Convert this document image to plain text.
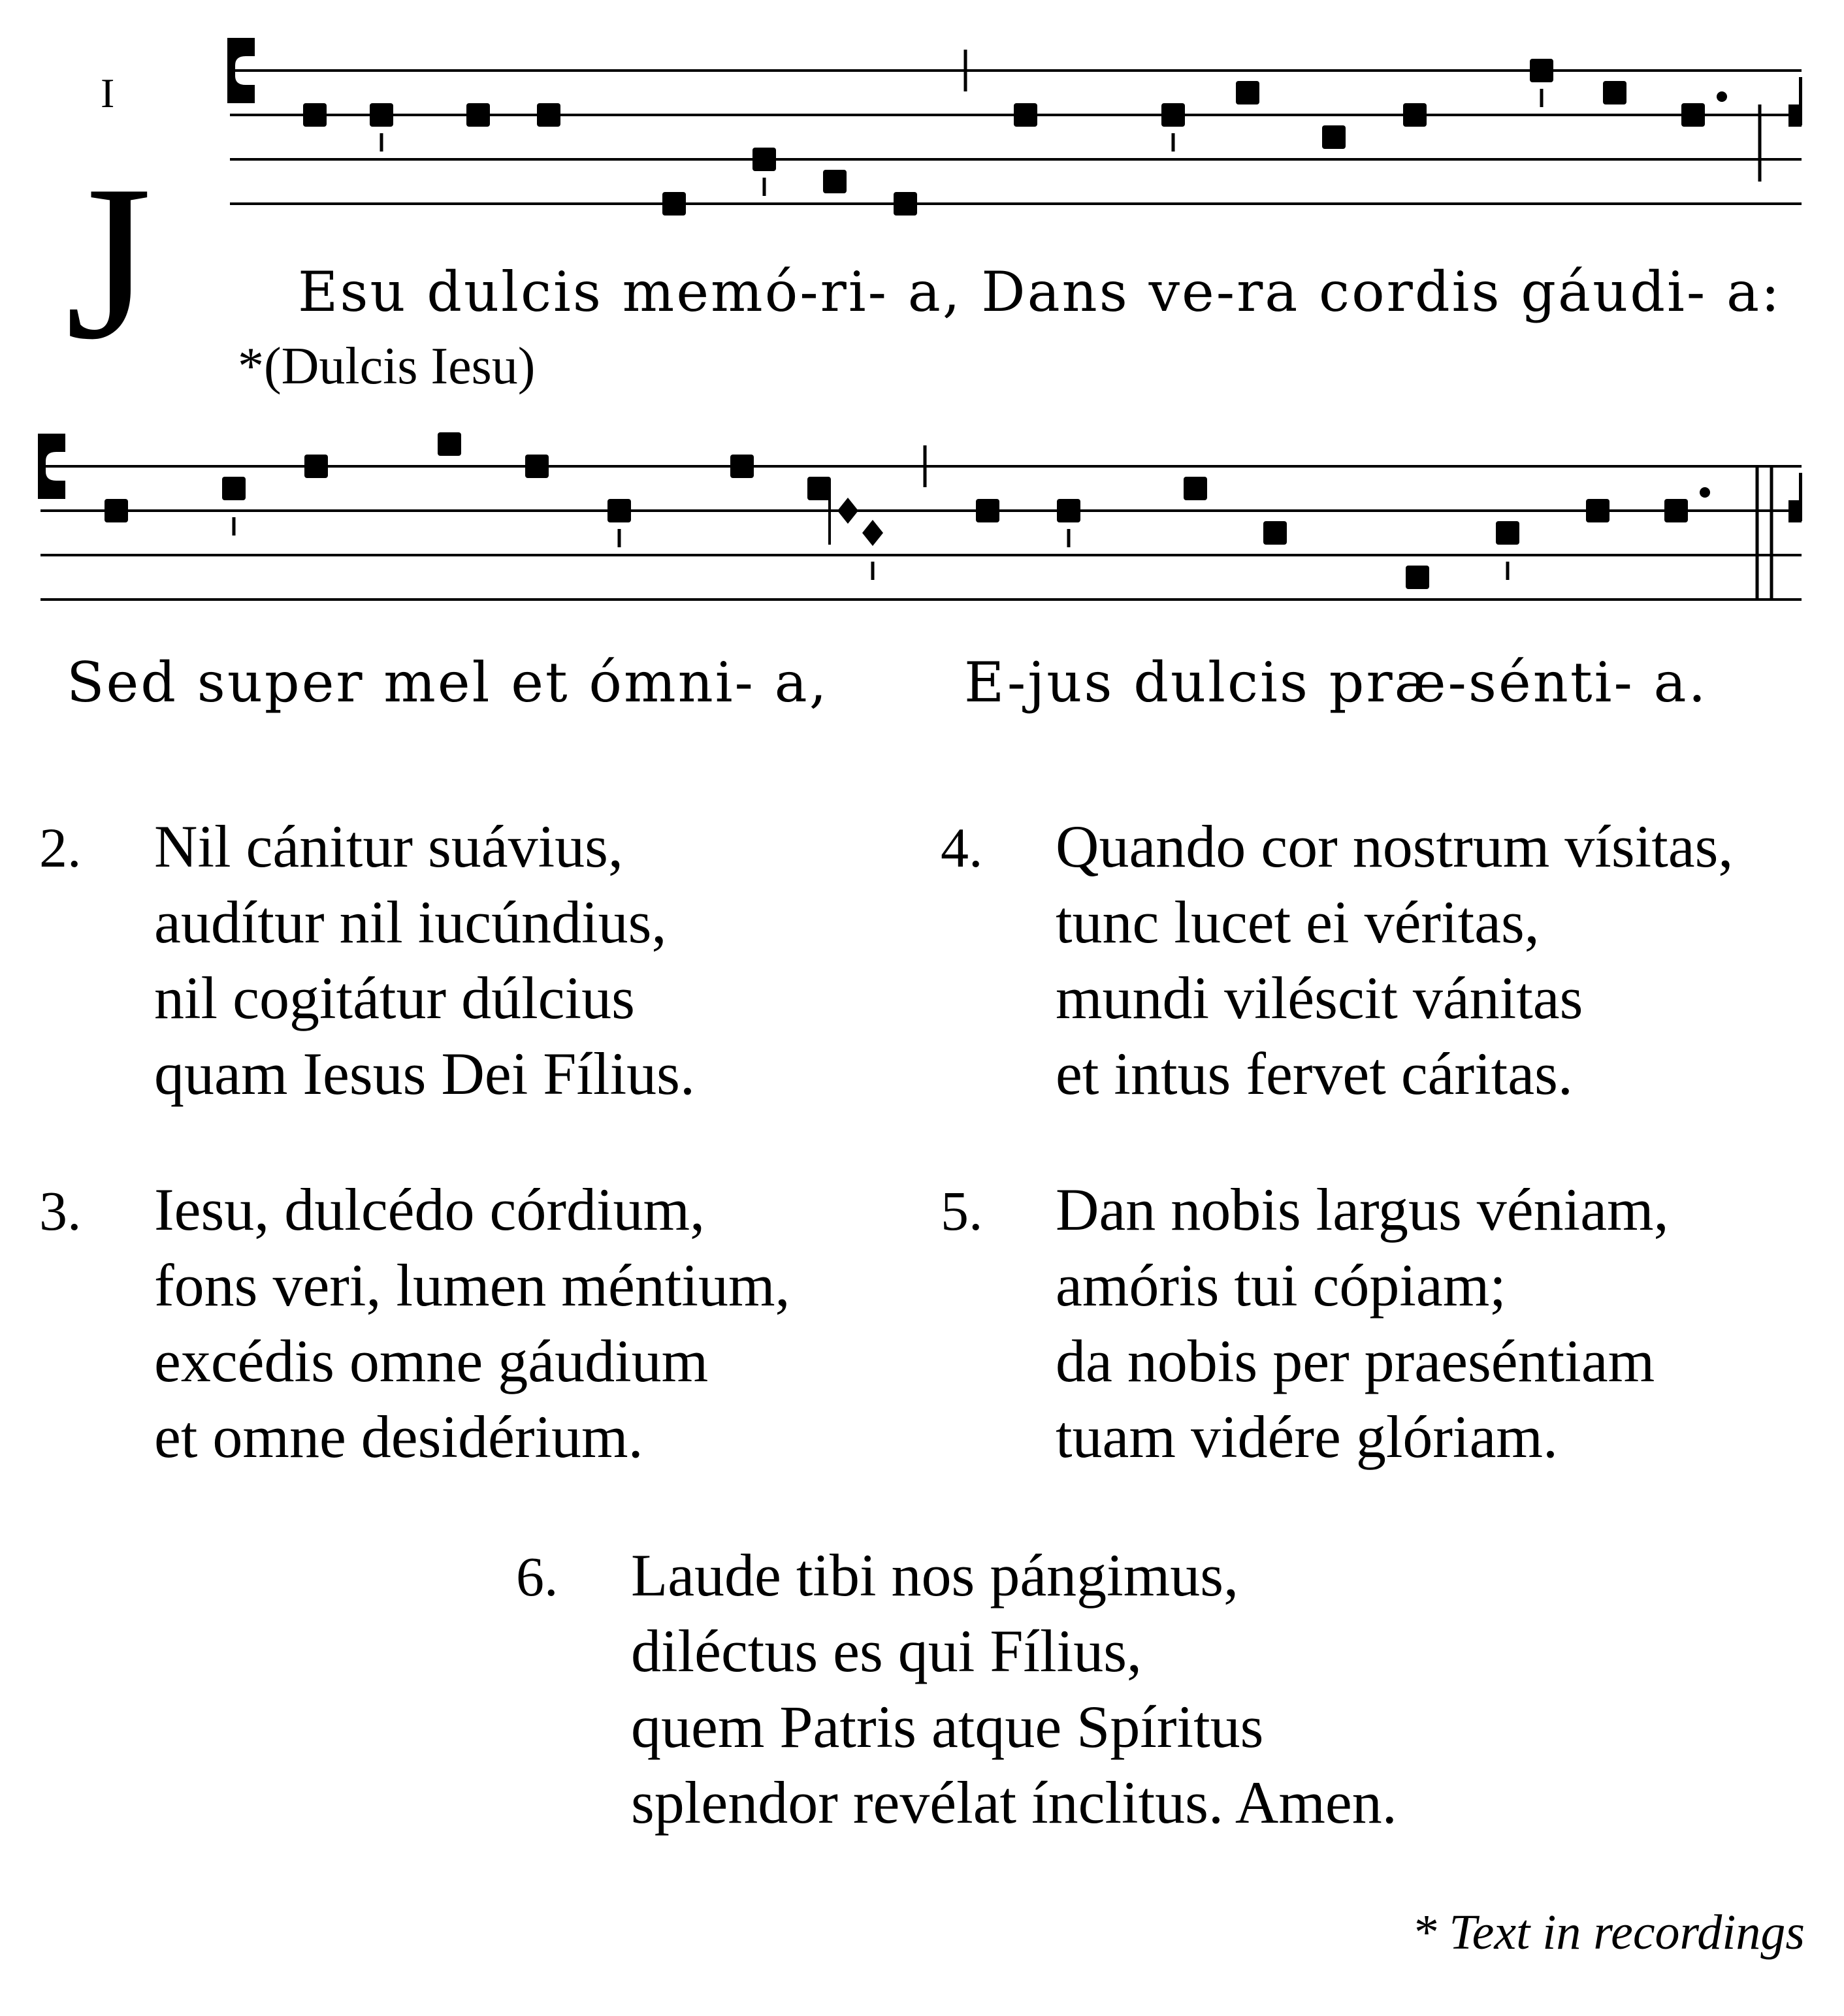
I
J	Esu dulcis memó-ri- a, Dans ve-ra cordis gáudi- a:
*(Dulcis Iesu)
Sed super mel et ómni- a, E-jus dulcis præ-sénti- a.
2. Nil cánitur suávius,
audítur nil iucúndius,
nil cogitátur dúlcius
quam Iesus Dei Fílius.
4. Quando cor nostrum vísitas,
tunc lucet ei véritas,
mundi viléscit vánitas
et intus fervet cáritas.
3. Iesu, dulcédo córdium,
fons veri, lumen méntium,
excédis omne gáudium
et omne desidérium.
5. Dan nobis largus véniam,
amóris tui cópiam;
da nobis per praeséntiam
tuam vidére glóriam.
6. Laude tibi nos pángimus,
diléctus es qui Fílius,
quem Patris atque Spíritus
splendor revélat ínclitus. Amen.
* Text in recordings
